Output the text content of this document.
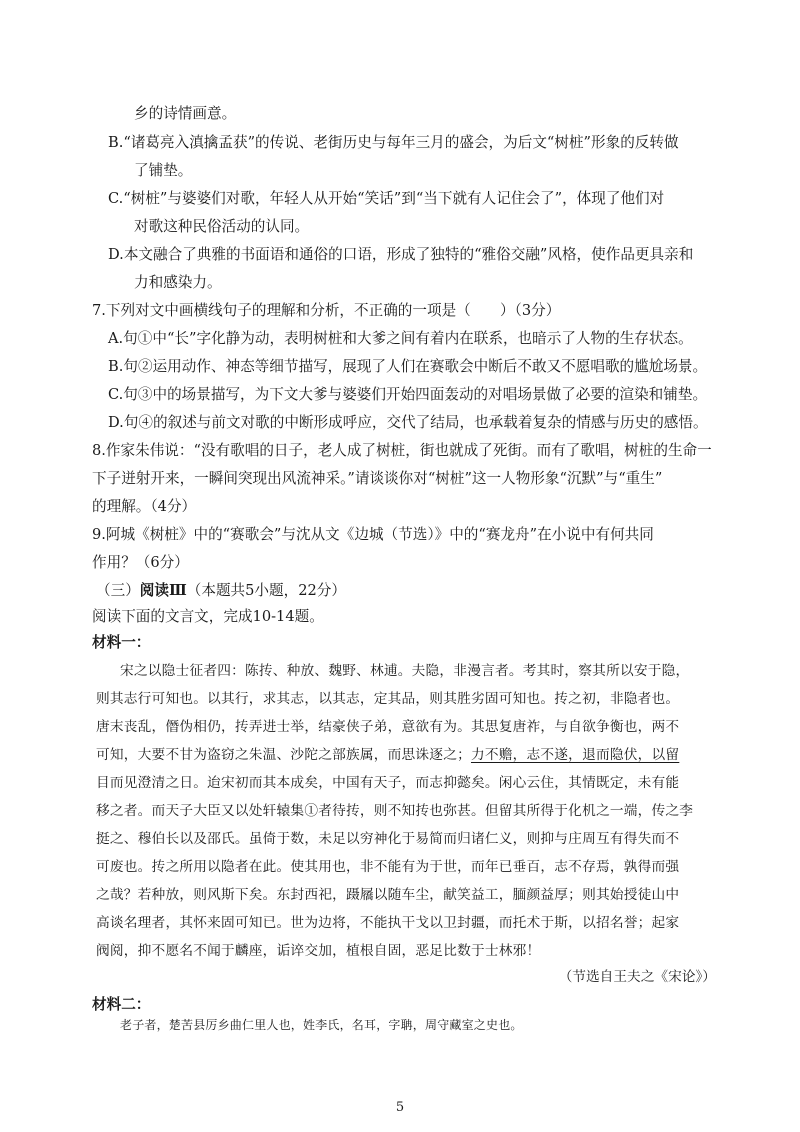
乡的诗情画意。
B.“诸葛亮入滇擒孟获”的传说、老街历史与每年三月的盛会，为后文“树桩”形象的反转做
了铺垫。
C.“树桩”与婆婆们对歌，年轻人从开始“笑话”到“当下就有人记住会了”，体现了他们对
对歌这种民俗活动的认同。
D.本文融合了典雅的书面语和通俗的口语，形成了独特的“雅俗交融”风格，使作品更具亲和
力和感染力。
7.下列对文中画横线句子的理解和分析，不正确的一项是（　　）（3分）
A.句①中“长”字化静为动，表明树桩和大爹之间有着内在联系，也暗示了人物的生存状态。
B.句②运用动作、神态等细节描写，展现了人们在赛歌会中断后不敢又不愿唱歌的尴尬场景。
C.句③中的场景描写，为下文大爹与婆婆们开始四面轰动的对唱场景做了必要的渲染和铺垫。
D.句④的叙述与前文对歌的中断形成呼应，交代了结局，也承载着复杂的情感与历史的感悟。
8.作家朱伟说：“没有歌唱的日子，老人成了树桩，街也就成了死街。而有了歌唱，树桩的生命一
下子迸射开来，一瞬间突现出风流神采。”请谈谈你对“树桩”这一人物形象“沉默”与“重生”
的理解。（4分）
9.阿城《树桩》中的“赛歌会”与沈从文《边城（节选）》中的“赛龙舟”在小说中有何共同
作用？（6分）
（三）阅读Ⅲ（本题共5小题，22分）
阅读下面的文言文，完成10-14题。
材料一：
宋之以隐士征者四：陈抟、种放、魏野、林逋。夫隐，非漫言者。考其时，察其所以安于隐，
则其志行可知也。以其行，求其志，以其志，定其品，则其胜劣固可知也。抟之初，非隐者也。
唐末丧乱，僭伪相仍，抟弄进士举，结豪侠子弟，意欲有为。其思复唐祚，与自欲争衡也，两不
可知，大要不甘为盗窃之朱温、沙陀之部族属，而思诛逐之；力不赡，志不遂，退而隐伏，以留
目而见澄清之日。迨宋初而其本成矣，中国有天子，而志抑懿矣。闲心云住，其情既定，未有能
移之者。而天子大臣又以处轩辕集①者待抟，则不知抟也弥甚。但留其所得于化机之一端，传之李
挺之、穆伯长以及邵氏。虽倚于数，未足以穷神化于易简而归诸仁义，则抑与庄周互有得失而不
可废也。抟之所用以隐者在此。使其用也，非不能有为于世，而年已垂百，志不存焉，孰得而强
之哉？若种放，则风斯下矣。东封西祀，蹑屩以随车尘，献笑益工，腼颜益厚；则其始授徒山中
高谈名理者，其怀来固可知已。世为边将，不能执干戈以卫封疆，而托术于斯，以招名誉；起家
阀阅，抑不愿名不闻于麟座，诟谇交加，植根自固，恶足比数于士林邪！
（节选自王夫之《宋论》）
材料二：
老子者，楚苦县厉乡曲仁里人也，姓李氏，名耳，字聃，周守藏室之史也。
5
